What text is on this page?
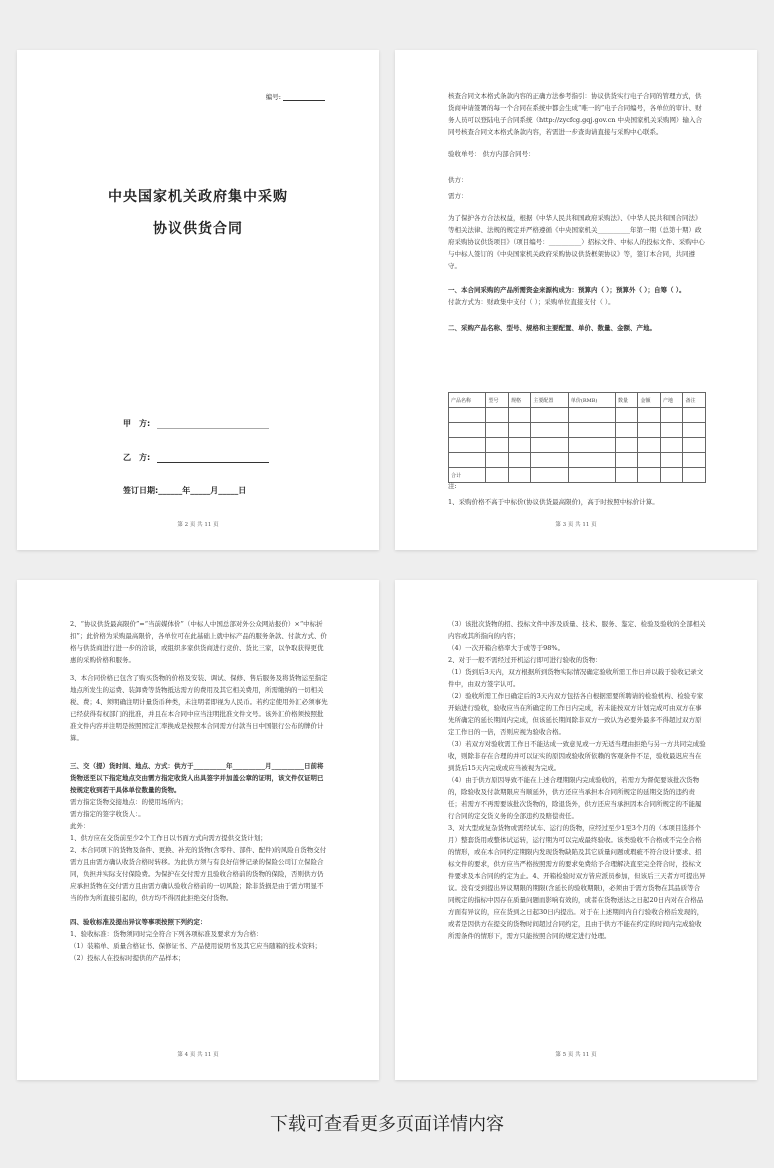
编号:
中央国家机关政府集中采购
协议供货合同
甲　方:
乙　方:
签订日期:______年_____月_____日
第 2 页 共 11 页

核查合同文本格式条款内容的正确方法参考指引：协议供货实行电子合同的管理方式，供货商申请签署的每一个合同在系统中都会生成“唯一的”电子合同编号，各单位的审计、财务人员可以登陆电子合同系统（http://zycfcg.gqj.gov.cn 中央国家机关采购网）输入合同号核查合同文本格式条款内容，若需进一步查询请直接与采购中心联系。

验收单号： 供方内部合同号：

供方：

需方：

为了保护各方合法权益，根据《中华人民共和国政府采购法》、《中华人民共和国合同法》等相关法律、法规的规定并严格遵循《中央国家机关__________年第一期（总第十期）政府采购协议供货项目》（项目编号：__________）招标文件、中标人的投标文件、采购中心与中标人签订的《中央国家机关政府采购协议供货框架协议》等，签订本合同，共同遵守。

一、本合同采购的产品所需资金来源构成为：预算内（ ）；预算外（ ）；自筹（ ）。

付款方式为：财政集中支付（ ）；采购单位直接支付（ ）。

二、采购产品名称、型号、规格和主要配置、单价、数量、金额、产地。

产品名称	型号	规格	主要配置	单价(RMB)	数量	金额	产地	备注

合计								

注:

1、采购价格不高于中标价(协议供货最高限价)，高于时按照中标价计算。

第 3 页 共 11 页

2、“协议供货最高限价”=“当前媒体价”（中标人中国总部对外公众网站报价）×“中标折扣”；此价格为采购最高限价，各单位可在此基础上就中标产品的服务条款、付款方式、价格与供货商进行进一步的洽谈，或组织多家供货商进行竞价、货比三家，以争取获得更优惠的采购价格和服务。

3、本合同价格已包含了购买货物的价格及安装、调试、保修、售后服务及将货物运至指定地点所发生的运费、装卸费等货物抵达需方的费用及其它相关费用，所需缴纳的一切相关税、费；4、须明确注明计量货币种类，未注明者即视为人民币。若约定使用外汇必须事先已经获得有权部门的批准，并且在本合同中应当注明批准文件文号。该外汇价格须按照批准文件内容并注明是按照国定汇率换成是按照本合同需方付款当日中国银行公布的牌价计算。

三、交（提）货时间、地点、方式：供方于__________年__________月__________日前将货物送至以下指定地点交由需方指定收货人出具签字并加盖公章的证明，该文件仅证明已按规定收到若干具体单位数量的货物。

需方指定货物交接地点：的使用场所内；

需方指定的签字收货人：。

此外：

1、供方应在交货前至少2个工作日以书面方式向需方提供交货计划；

2、本合同项下的货物及备件、更换、补充的货物(含零件、部件、配件)的风险自货物交付需方且由需方确认收货合格时转移。为此供方须与有良好信誉记录的保险公司订立保险合同，负担并实际支付保险费。为保护在交付需方且验收合格前的货物的保险，否则供方仍应承担货物在交付需方且由需方确认验收合格前的一切风险；除非货损是由于需方明显不当的作为所直接引起的，供方均不得因此拒绝交付货物。

四、验收标准及提出异议等事项按照下列约定：

1、验收标准：货物须同时完全符合下列各项标准及要求方为合格：

（1）装箱单、质量合格证书、保修证书、产品使用说明书及其它应当随箱的技术资料；

（2）投标人在投标时提供的产品样本；

第 4 页 共 11 页

（3）该批次货物的招、投标文件中涉及质量、技术、服务、鉴定、检验及验收的全部相关内容或其所指向的内容；

（4）一次开箱合格率大于或等于98%。

2、对于一般不需经过开机运行即可进行验收的货物：

（1）货到后3天内，双方根据所到货物实际情况确定验收所需工作日并以载于验收记录文件中，由双方签字认可。

（2）验收所需工作日确定后的3天内双方包括各自根据需要所聘请的检验机构、检验专家开始进行验收，验收应当在所确定的工作日内完成，若未能按双方计划完成可由双方在事先所确定的延长期间内完成，但该延长期间除非双方一致认为必要外最多不得超过双方原定工作日的一倍，否则应视为验收合格。

（3）若双方对验收需工作日不能达成一致意见或一方无适当理由拒绝与另一方共同完成验收，则除非存在合理的并可以证实的原因或验收所依赖的客观条件不足，验收最迟应当在到货后15天内完成或应当被视为完成。

（4）由于供方原因导致不能在上述合理期限内完成验收的，若需方为督促要该批次货物的，除验收及付款期限应当顺延外，供方还应当承担本合同所规定的延期交货的违约责任；若需方不再需要该批次货物的，除退货外，供方还应当承担因本合同所规定的不能履行合同的定交货义务的全部违约及赔偿责任。

3、对大型或复杂货物或需经试车、运行的货物，应经过至少1至3个月的（本项目选择个月）整套货用或整体试运转，运行期为可以完成最终验收。该类验收不合格或不完全合格的情形，或在本合同约定期限内发现货物缺陷及其它质量问题或瑕疵不符合设计要求、招标文件的要求，供方应当严格按照需方的要求免费给予合理解决直至完全符合时，投标文件要求及本合同的约定为止。4、开箱检验时双方皆应派员参加，但该后三天者方可提出异议。没有受到提出异议期限的期限(含延长的验收期限)，必须由于需方货物在其品质等合同规定的指标中因存在质量问题而影响有效的，或者在货物送达之日起20日内对在合格品方面有异议的，应在货到之日起30日内提出。对于在上述期间内自行验收合格后发现的，或者是因供方在提交的货物时间超过合同约定，且由于供方不能在约定的时间内完成验收所需条件的情形下，需方只能按照合同的规定进行处理。

第 5 页 共 11 页
下载可查看更多页面详情内容
